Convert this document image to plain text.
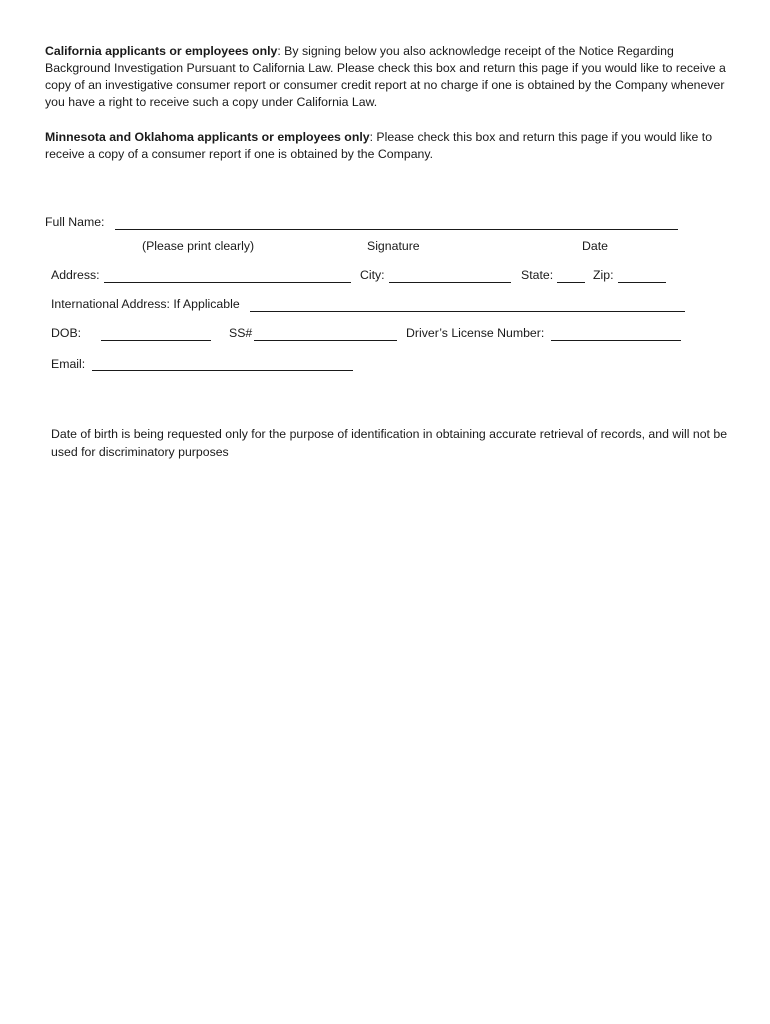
California applicants or employees only: By signing below you also acknowledge receipt of the Notice Regarding Background Investigation Pursuant to California Law. Please check this box and return this page if you would like to receive a copy of an investigative consumer report or consumer credit report at no charge if one is obtained by the Company whenever you have a right to receive such a copy under California Law.

Minnesota and Oklahoma applicants or employees only: Please check this box and return this page if you would like to receive a copy of a consumer report if one is obtained by the Company.

Full Name:
(Please print clearly)	Signature	Date
Address:	City:	State:	Zip:
International Address: If Applicable
DOB:	SS#	Driver’s License Number:
Email:

Date of birth is being requested only for the purpose of identification in obtaining accurate retrieval of records, and will not be used for discriminatory purposes
